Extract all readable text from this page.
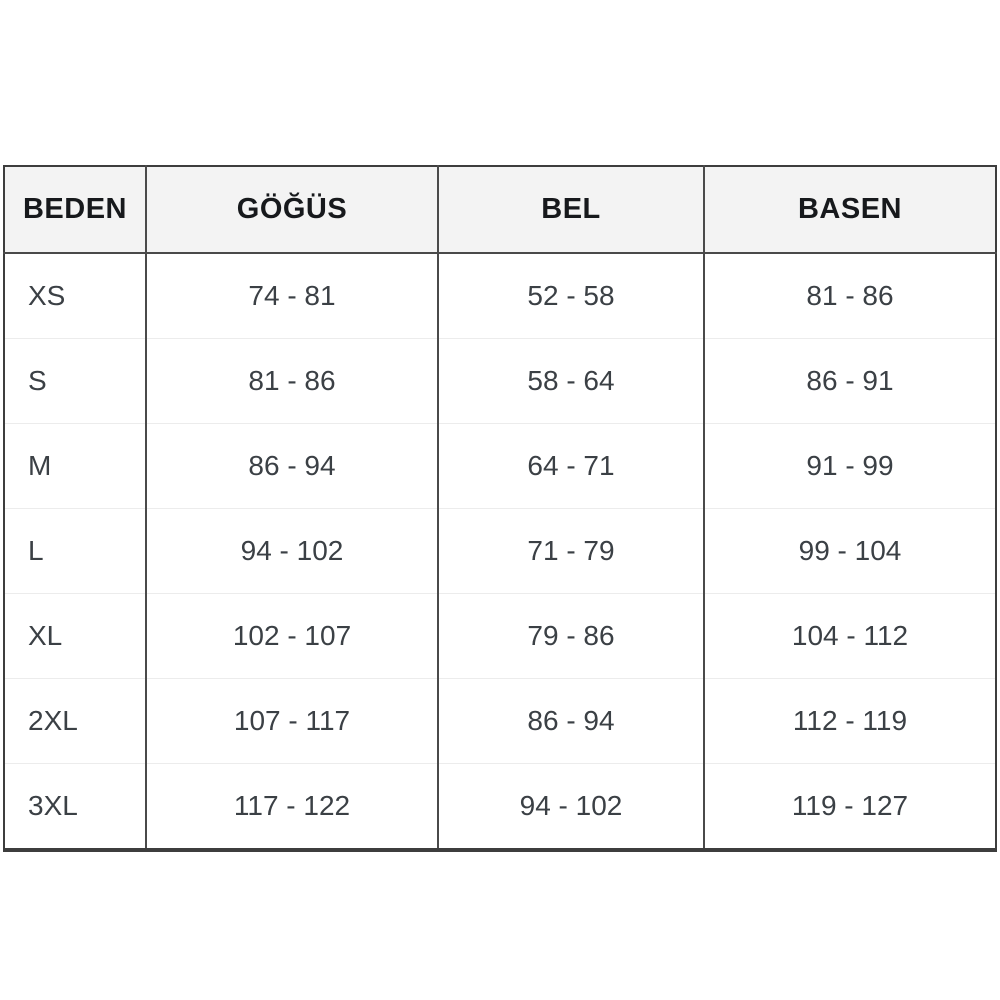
BEDEN	GÖĞÜS	BEL	BASEN
XS	74 - 81	52 - 58	81 - 86
S	81 - 86	58 - 64	86 - 91
M	86 - 94	64 - 71	91 - 99
L	94 - 102	71 - 79	99 - 104
XL	102 - 107	79 - 86	104 - 112
2XL	107 - 117	86 - 94	112 - 119
3XL	117 - 122	94 - 102	119 - 127
